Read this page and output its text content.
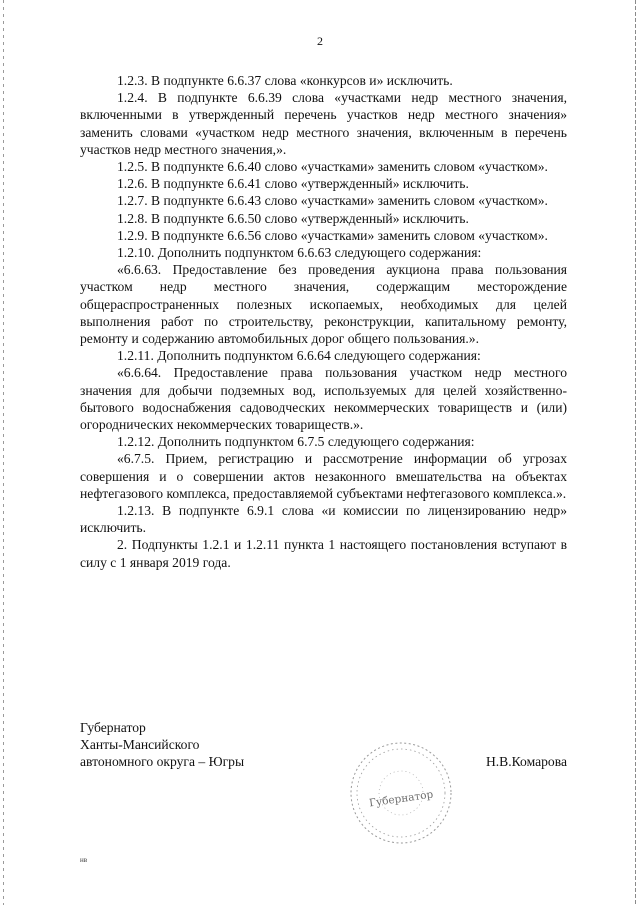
2

1.2.3. В подпункте 6.6.37 слова «конкурсов и» исключить.

1.2.4. В подпункте 6.6.39 слова «участками недр местного значения, включенными в утвержденный перечень участков недр местного значения» заменить словами «участком недр местного значения, включенным в перечень участков недр местного значения,».

1.2.5. В подпункте 6.6.40 слово «участками» заменить словом «участком».

1.2.6. В подпункте 6.6.41 слово «утвержденный» исключить.

1.2.7. В подпункте 6.6.43 слово «участками» заменить словом «участком».

1.2.8. В подпункте 6.6.50 слово «утвержденный» исключить.

1.2.9. В подпункте 6.6.56 слово «участками» заменить словом «участком».

1.2.10. Дополнить подпунктом 6.6.63 следующего содержания:

«6.6.63. Предоставление без проведения аукциона права пользования участком недр местного значения, содержащим месторождение общераспространенных полезных ископаемых, необходимых для целей выполнения работ по строительству, реконструкции, капитальному ремонту, ремонту и содержанию автомобильных дорог общего пользования.».

1.2.11. Дополнить подпунктом 6.6.64 следующего содержания:

«6.6.64. Предоставление права пользования участком недр местного значения для добычи подземных вод, используемых для целей хозяйственно-бытового водоснабжения садоводческих некоммерческих товариществ и (или) огороднических некоммерческих товариществ.».

1.2.12. Дополнить подпунктом 6.7.5 следующего содержания:

«6.7.5. Прием, регистрацию и рассмотрение информации об угрозах совершения и о совершении актов незаконного вмешательства на объектах нефтегазового комплекса, предоставляемой субъектами нефтегазового комплекса.».

1.2.13. В подпункте 6.9.1 слова «и комиссии по лицензированию недр» исключить.

2. Подпункты 1.2.1 и 1.2.11 пункта 1 настоящего постановления вступают в силу с 1 января 2019 года.

Губернатор

Ханты-Мансийского

автономного округа – Югры	Н.В.Комарова
Губернатор
нв
